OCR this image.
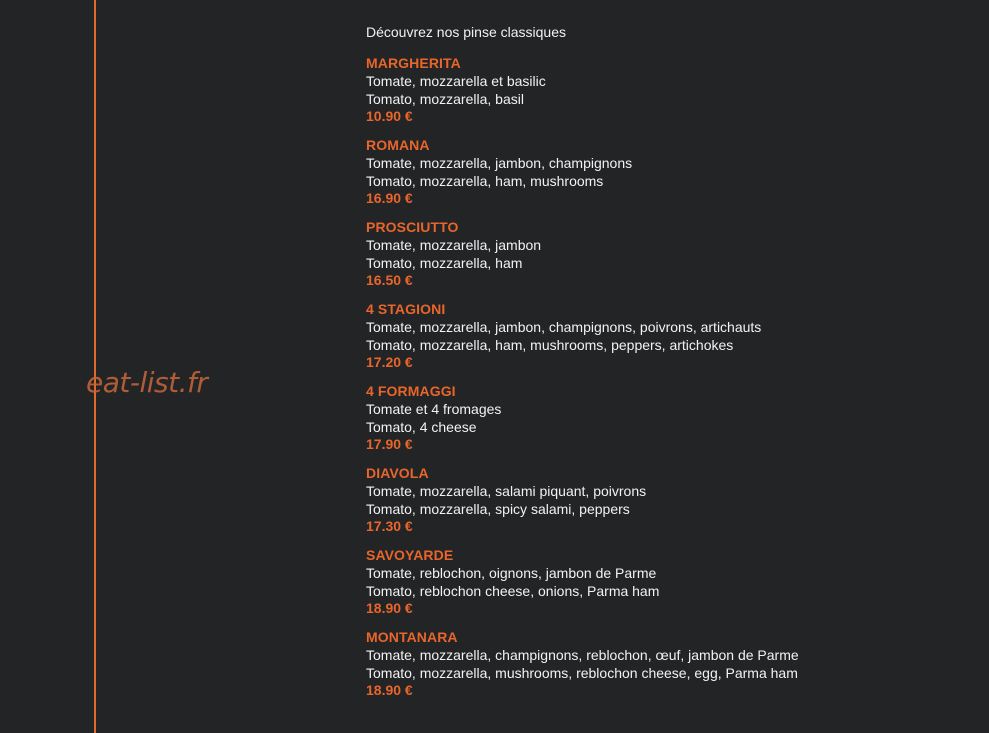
eat-list.fr
Découvrez nos pinse classiques
MARGHERITA
Tomate, mozzarella et basilic
Tomato, mozzarella, basil
10.90 €
ROMANA
Tomate, mozzarella, jambon, champignons
Tomato, mozzarella, ham, mushrooms
16.90 €
PROSCIUTTO
Tomate, mozzarella, jambon
Tomato, mozzarella, ham
16.50 €
4 STAGIONI
Tomate, mozzarella, jambon, champignons, poivrons, artichauts
Tomato, mozzarella, ham, mushrooms, peppers, artichokes
17.20 €
4 FORMAGGI
Tomate et 4 fromages
Tomato, 4 cheese
17.90 €
DIAVOLA
Tomate, mozzarella, salami piquant, poivrons
Tomato, mozzarella, spicy salami, peppers
17.30 €
SAVOYARDE
Tomate, reblochon, oignons, jambon de Parme
Tomato, reblochon cheese, onions, Parma ham
18.90 €
MONTANARA
Tomate, mozzarella, champignons, reblochon, œuf, jambon de Parme
Tomato, mozzarella, mushrooms, reblochon cheese, egg, Parma ham
18.90 €
